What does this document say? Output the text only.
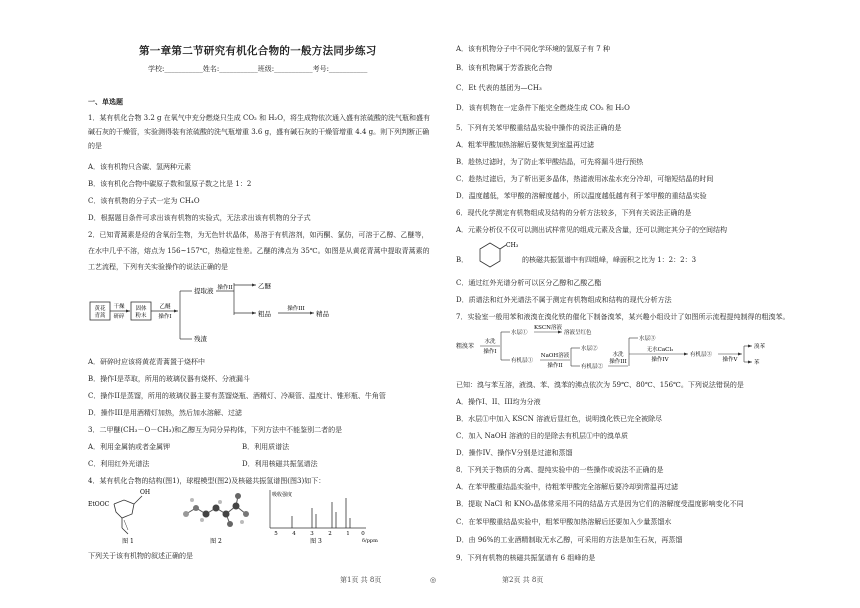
第一章第二节研究有机化合物的一般方法同步练习
学校:___________姓名:___________班级:___________考号:___________
一、单选题
1．某有机化合物 3.2 g 在氧气中充分燃烧只生成 CO₂ 和 H₂O，将生成物依次通入盛有浓硫酸的洗气瓶和盛有
碱石灰的干燥管，实验测得装有浓硫酸的洗气瓶增重 3.6 g，盛有碱石灰的干燥管增重 4.4 g。则下列判断正确
的是
A．该有机物只含碳、氢两种元素
B．该有机化合物中碳原子数和氢原子数之比是 1：2
C．该有机物的分子式一定为 CH₄O
D．根据题目条件可求出该有机物的实验式，无法求出该有机物的分子式
2．已知青蒿素是烃的含氧衍生物，为无色针状晶体，易溶于有机溶剂，如丙酮、氯仿，可溶于乙醇、乙醚等，
在水中几乎不溶，熔点为 156~157℃，热稳定性差。乙醚的沸点为 35℃。如图是从黄花青蒿中提取青蒿素的
工艺流程，下列有关实验操作的说法正确的是
黄花
青蒿
干燥
研碎
固体
粉末
乙醚
操作I
提取液
残渣
操作II	乙醚
粗品
操作III
精品
A．研碎时应该将黄花青蒿置于烧杯中
B．操作I是萃取，所用的玻璃仪器有烧杯、分液漏斗
C．操作II是蒸馏，所用的玻璃仪器主要有蒸馏烧瓶、酒精灯、冷凝管、温度计、锥形瓶、牛角管
D．操作III是用酒精灯加热，然后加水溶解、过滤
3．二甲醚(CH₃－O－CH₃)和乙醇互为同分异构体，下列方法中不能鉴别二者的是
A．利用金属钠或者金属钾	B．利用质谱法
C．利用红外光谱法	D．利用核磁共振氢谱法
4．某有机化合物的结构(图1)，球棍模型(图2)及核磁共振氢谱图(图3)如下：
EtOOC
OH
图 1	图 2
吸收强度
5	4	3	2	1 0
δ/ppm
图 3
下列关于该有机物的叙述正确的是
第1页 共 8页
A．该有机物分子中不同化学环境的氢原子有 7 种
B．该有机物属于芳香族化合物
C．Et 代表的基团为—CH₃
D．该有机物在一定条件下能完全燃烧生成 CO₂ 和 H₂O
5．下列有关苯甲酸重结晶实验中操作的说法正确的是
A．粗苯甲酸加热溶解后要恢复到室温再过滤
B．趁热过滤时，为了防止苯甲酸结晶，可先将漏斗进行预热
C．趁热过滤后，为了析出更多晶体，热滤液用冰盐水充分冷却，可缩短结晶的时间
D．温度越低，苯甲酸的溶解度越小，所以温度越低越有利于苯甲酸的重结晶实验
6．现代化学测定有机物组成及结构的分析方法较多，下列有关说法正确的是
A．元素分析仪不仅可以测出试样常见的组成元素及含量，还可以测定其分子的空间结构
B．
CH₃
的核磁共振氢谱中有四组峰，峰面积之比为 1：2：2：3
C．通过红外光谱分析可以区分乙醇和乙酸乙酯
D．质谱法和红外光谱法不属于测定有机物组成和结构的现代分析方法
7．实验室一般用苯和液溴在溴化铁的催化下制备溴苯，某兴趣小组设计了如图所示流程提纯制得的粗溴苯。
粗溴苯
水洗
操作I
水层①
KSCN溶液
溶液呈红色
有机层①
NaOH溶液
操作II
水层②
有机层②
水洗
操作III
水层③
无水CaCl₂
操作IV
有机层③
操作V
溴苯
苯
已知：溴与苯互溶，液溴、苯、溴苯的沸点依次为 59℃、80℃、156℃。下列说法错误的是
A．操作I、II、III均为分液
B．水层①中加入 KSCN 溶液后显红色，说明溴化铁已完全被除尽
C．加入 NaOH 溶液的目的是除去有机层①中的溴单质
D．操作IV、操作V分别是过滤和蒸馏
8．下列关于物质的分离、提纯实验中的一些操作或说法不正确的是
A．在苯甲酸重结晶实验中，待粗苯甲酸完全溶解后要冷却到常温再过滤
B．提取 NaCl 和 KNO₃晶体常采用不同的结晶方式是因为它们的溶解度受温度影响变化不同
C．在苯甲酸重结晶实验中，粗苯甲酸加热溶解后还要加入少量蒸馏水
D．由 96%的工业酒精制取无水乙醇，可采用的方法是加生石灰，再蒸馏
9．下列有机物的核磁共振氢谱有 6 组峰的是
◎	第2页 共 8页
